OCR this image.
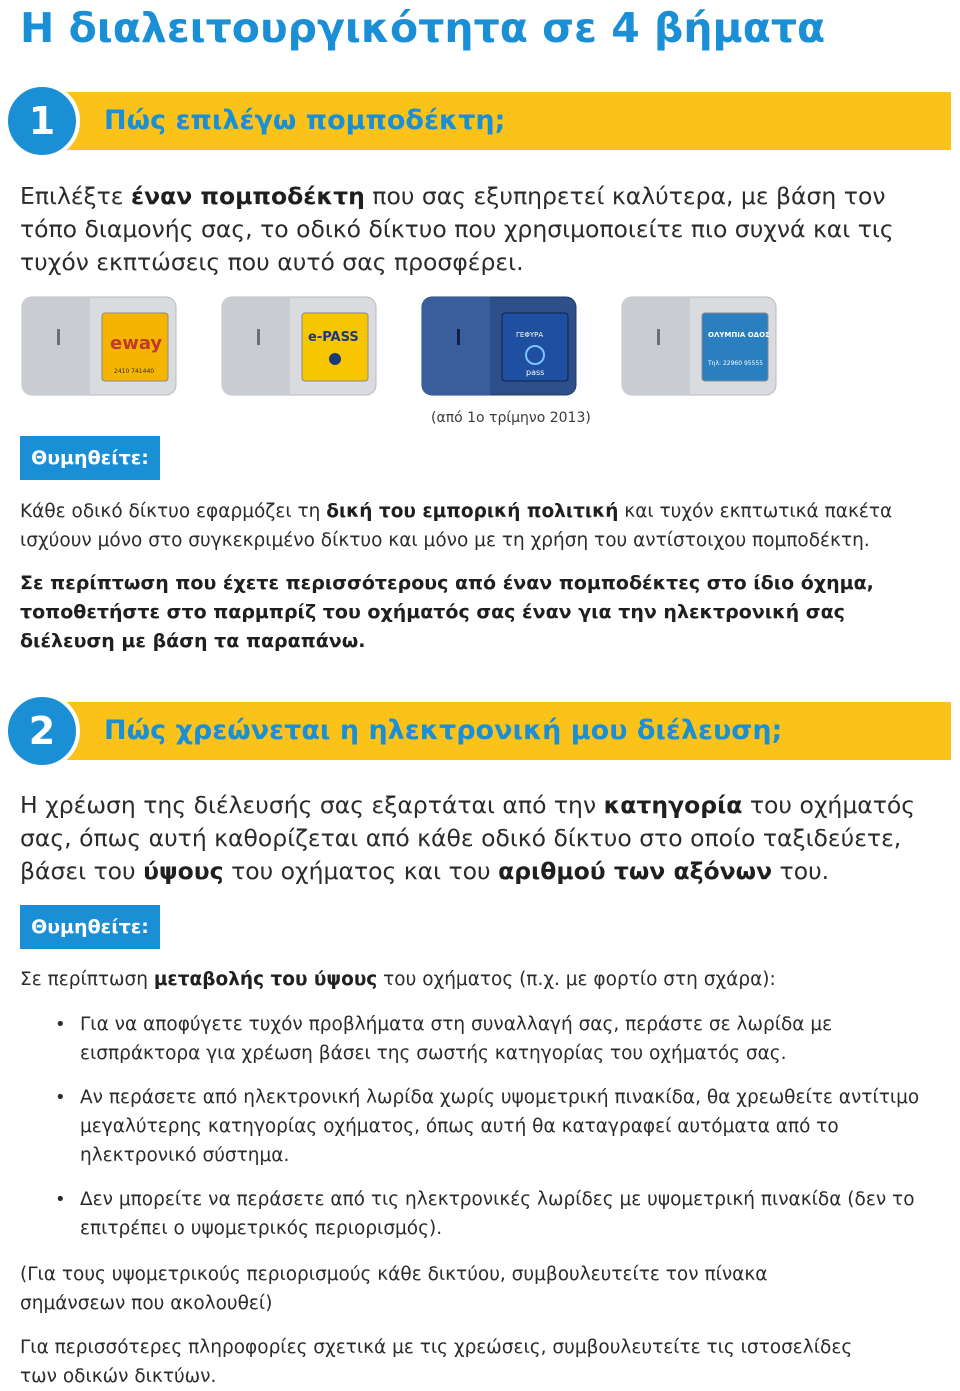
Η διαλειτουργικότητα σε 4 βήματα
1	Πώς επιλέγω πομποδέκτη;

Επιλέξτε έναν πομποδέκτη που σας εξυπηρετεί καλύτερα, με βάση τον τόπο διαμονής σας, το οδικό δίκτυο που χρησιμοποιείτε πιο συχνά και τις τυχόν εκπτώσεις που αυτό σας προσφέρει.

eway
2410 741440
e-PASS	ΓΕΦΥΡΑ
pass
ΟΛΥΜΠΙΑ ΟΔΟΣ
Τηλ: 22960 95555
(από 1ο τρίμηνο 2013)
Θυμηθείτε:

Κάθε οδικό δίκτυο εφαρμόζει τη δική του εμπορική πολιτική και τυχόν εκπτωτικά πακέτα ισχύουν μόνο στο συγκεκριμένο δίκτυο και μόνο με τη χρήση του αντίστοιχου πομποδέκτη.

Σε περίπτωση που έχετε περισσότερους από έναν πομποδέκτες στο ίδιο όχημα, τοποθετήστε στο παρμπρίζ του οχήματός σας έναν για την ηλεκτρονική σας διέλευση με βάση τα παραπάνω.

2	Πώς χρεώνεται η ηλεκτρονική μου διέλευση;

Η χρέωση της διέλευσής σας εξαρτάται από την κατηγορία του οχήματός σας, όπως αυτή καθορίζεται από κάθε οδικό δίκτυο στο οποίο ταξιδεύετε, βάσει του ύψους του οχήματος και του αριθμού των αξόνων του.

Θυμηθείτε:

Σε περίπτωση μεταβολής του ύψους του οχήματος (π.χ. με φορτίο στη σχάρα):

• Για να αποφύγετε τυχόν προβλήματα στη συναλλαγή σας, περάστε σε λωρίδα με εισπράκτορα για χρέωση βάσει της σωστής κατηγορίας του οχήματός σας.
• Αν περάσετε από ηλεκτρονική λωρίδα χωρίς υψομετρική πινακίδα, θα χρεωθείτε αντίτιμο μεγαλύτερης κατηγορίας οχήματος, όπως αυτή θα καταγραφεί αυτόματα από το ηλεκτρονικό σύστημα.
• Δεν μπορείτε να περάσετε από τις ηλεκτρονικές λωρίδες με υψομετρική πινακίδα (δεν το επιτρέπει ο υψομετρικός περιορισμός).

(Για τους υψομετρικούς περιορισμούς κάθε δικτύου, συμβουλευτείτε τον πίνακα σημάνσεων που ακολουθεί)

Για περισσότερες πληροφορίες σχετικά με τις χρεώσεις, συμβουλευτείτε τις ιστοσελίδες των οδικών δικτύων.
